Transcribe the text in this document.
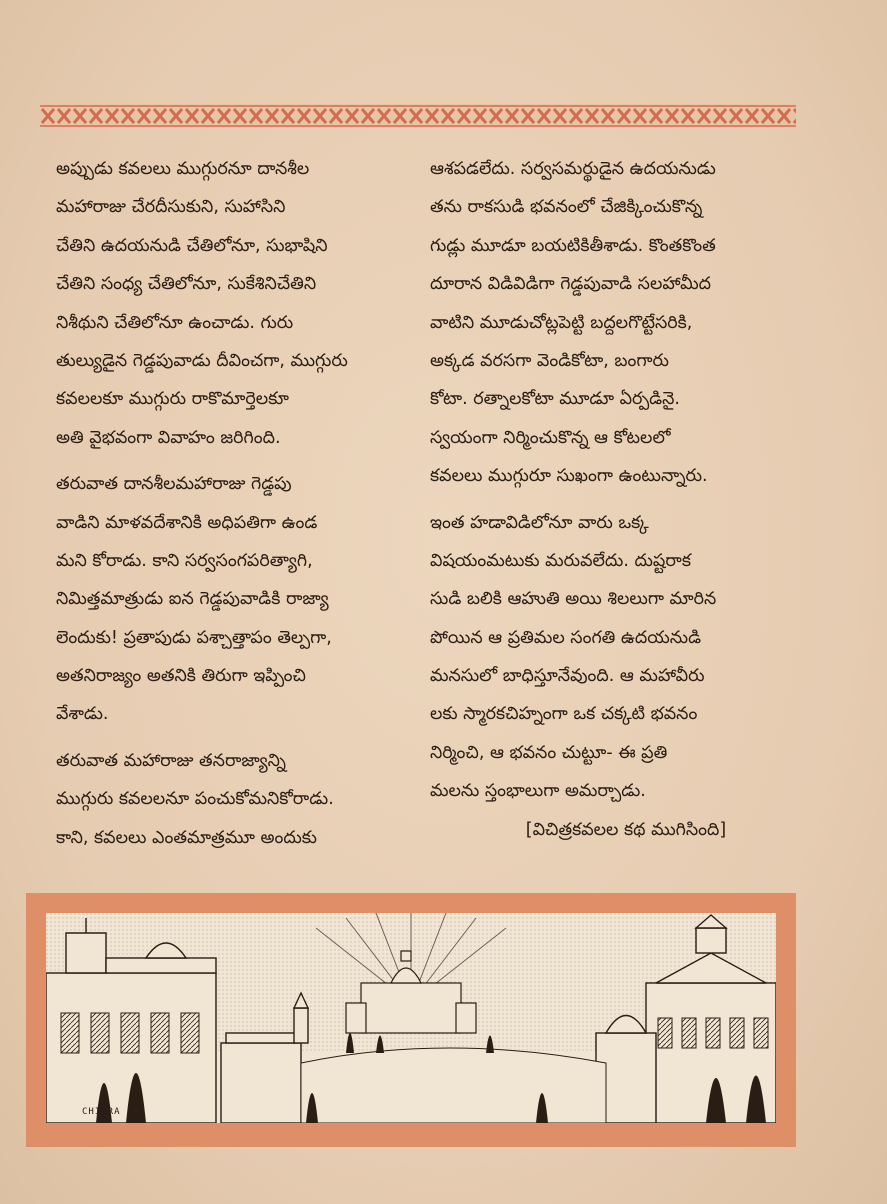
అప్పుడు కవలలు ముగ్గురనూ దానశీల
మహారాజు చేరదీసుకుని, సుహాసిని
చేతిని ఉదయనుడి చేతిలోనూ, సుభాషిని
చేతిని సంధ్య చేతిలోనూ, సుకేశినిచేతిని
నిశీథుని చేతిలోనూ ఉంచాడు. గురు
తుల్యుడైన గెడ్డపువాడు దీవించగా, ముగ్గురు
కవలలకూ ముగ్గురు రాకొమార్తెలకూ
అతి వైభవంగా వివాహం జరిగింది.
తరువాత దానశీలమహారాజు గెడ్డపు
వాడిని మాళవదేశానికి అధిపతిగా ఉండ
మని కోరాడు. కాని సర్వసంగపరిత్యాగి,
నిమిత్తమాత్రుడు ఐన గెడ్డపువాడికి రాజ్యా
లెందుకు! ప్రతాపుడు పశ్చాత్తాపం తెల్పగా,
అతనిరాజ్యం అతనికి తిరుగా ఇప్పించి
వేశాడు.
తరువాత మహారాజు తనరాజ్యాన్ని
ముగ్గురు కవలలనూ పంచుకోమనికోరాడు.
కాని, కవలలు ఎంతమాత్రమూ అందుకు
ఆశపడలేదు. సర్వసమర్థుడైన ఉదయనుడు
తను రాకసుడి భవనంలో చేజిక్కించుకొన్న
గుడ్లు మూడూ బయటికితీశాడు. కొంతకొంత
దూరాన విడివిడిగా గెడ్డపువాడి సలహామీద
వాటిని మూడుచోట్లపెట్టి బద్దలగొట్టేసరికి,
అక్కడ వరసగా వెండికోటా, బంగారు
కోటా. రత్నాలకోటా మూడూ ఏర్పడినై.
స్వయంగా నిర్మించుకొన్న ఆ కోటలలో
కవలలు ముగ్గురూ సుఖంగా ఉంటున్నారు.
ఇంత హడావిడిలోనూ వారు ఒక్క
విషయంమటుకు మరువలేదు. దుష్టరాక
సుడి బలికి ఆహుతి అయి శిలలుగా మారిన
పోయిన ఆ ప్రతిమల సంగతి ఉదయనుడి
మనసులో బాధిస్తూనేవుంది. ఆ మహావీరు
లకు స్మారకచిహ్నంగా ఒక చక్కటి భవనం
నిర్మించి, ఆ భవనం చుట్టూ- ఈ ప్రతి
మలను స్తంభాలుగా అమర్చాడు.
[విచిత్రకవలల కథ ముగిసింది]
CHITRA
